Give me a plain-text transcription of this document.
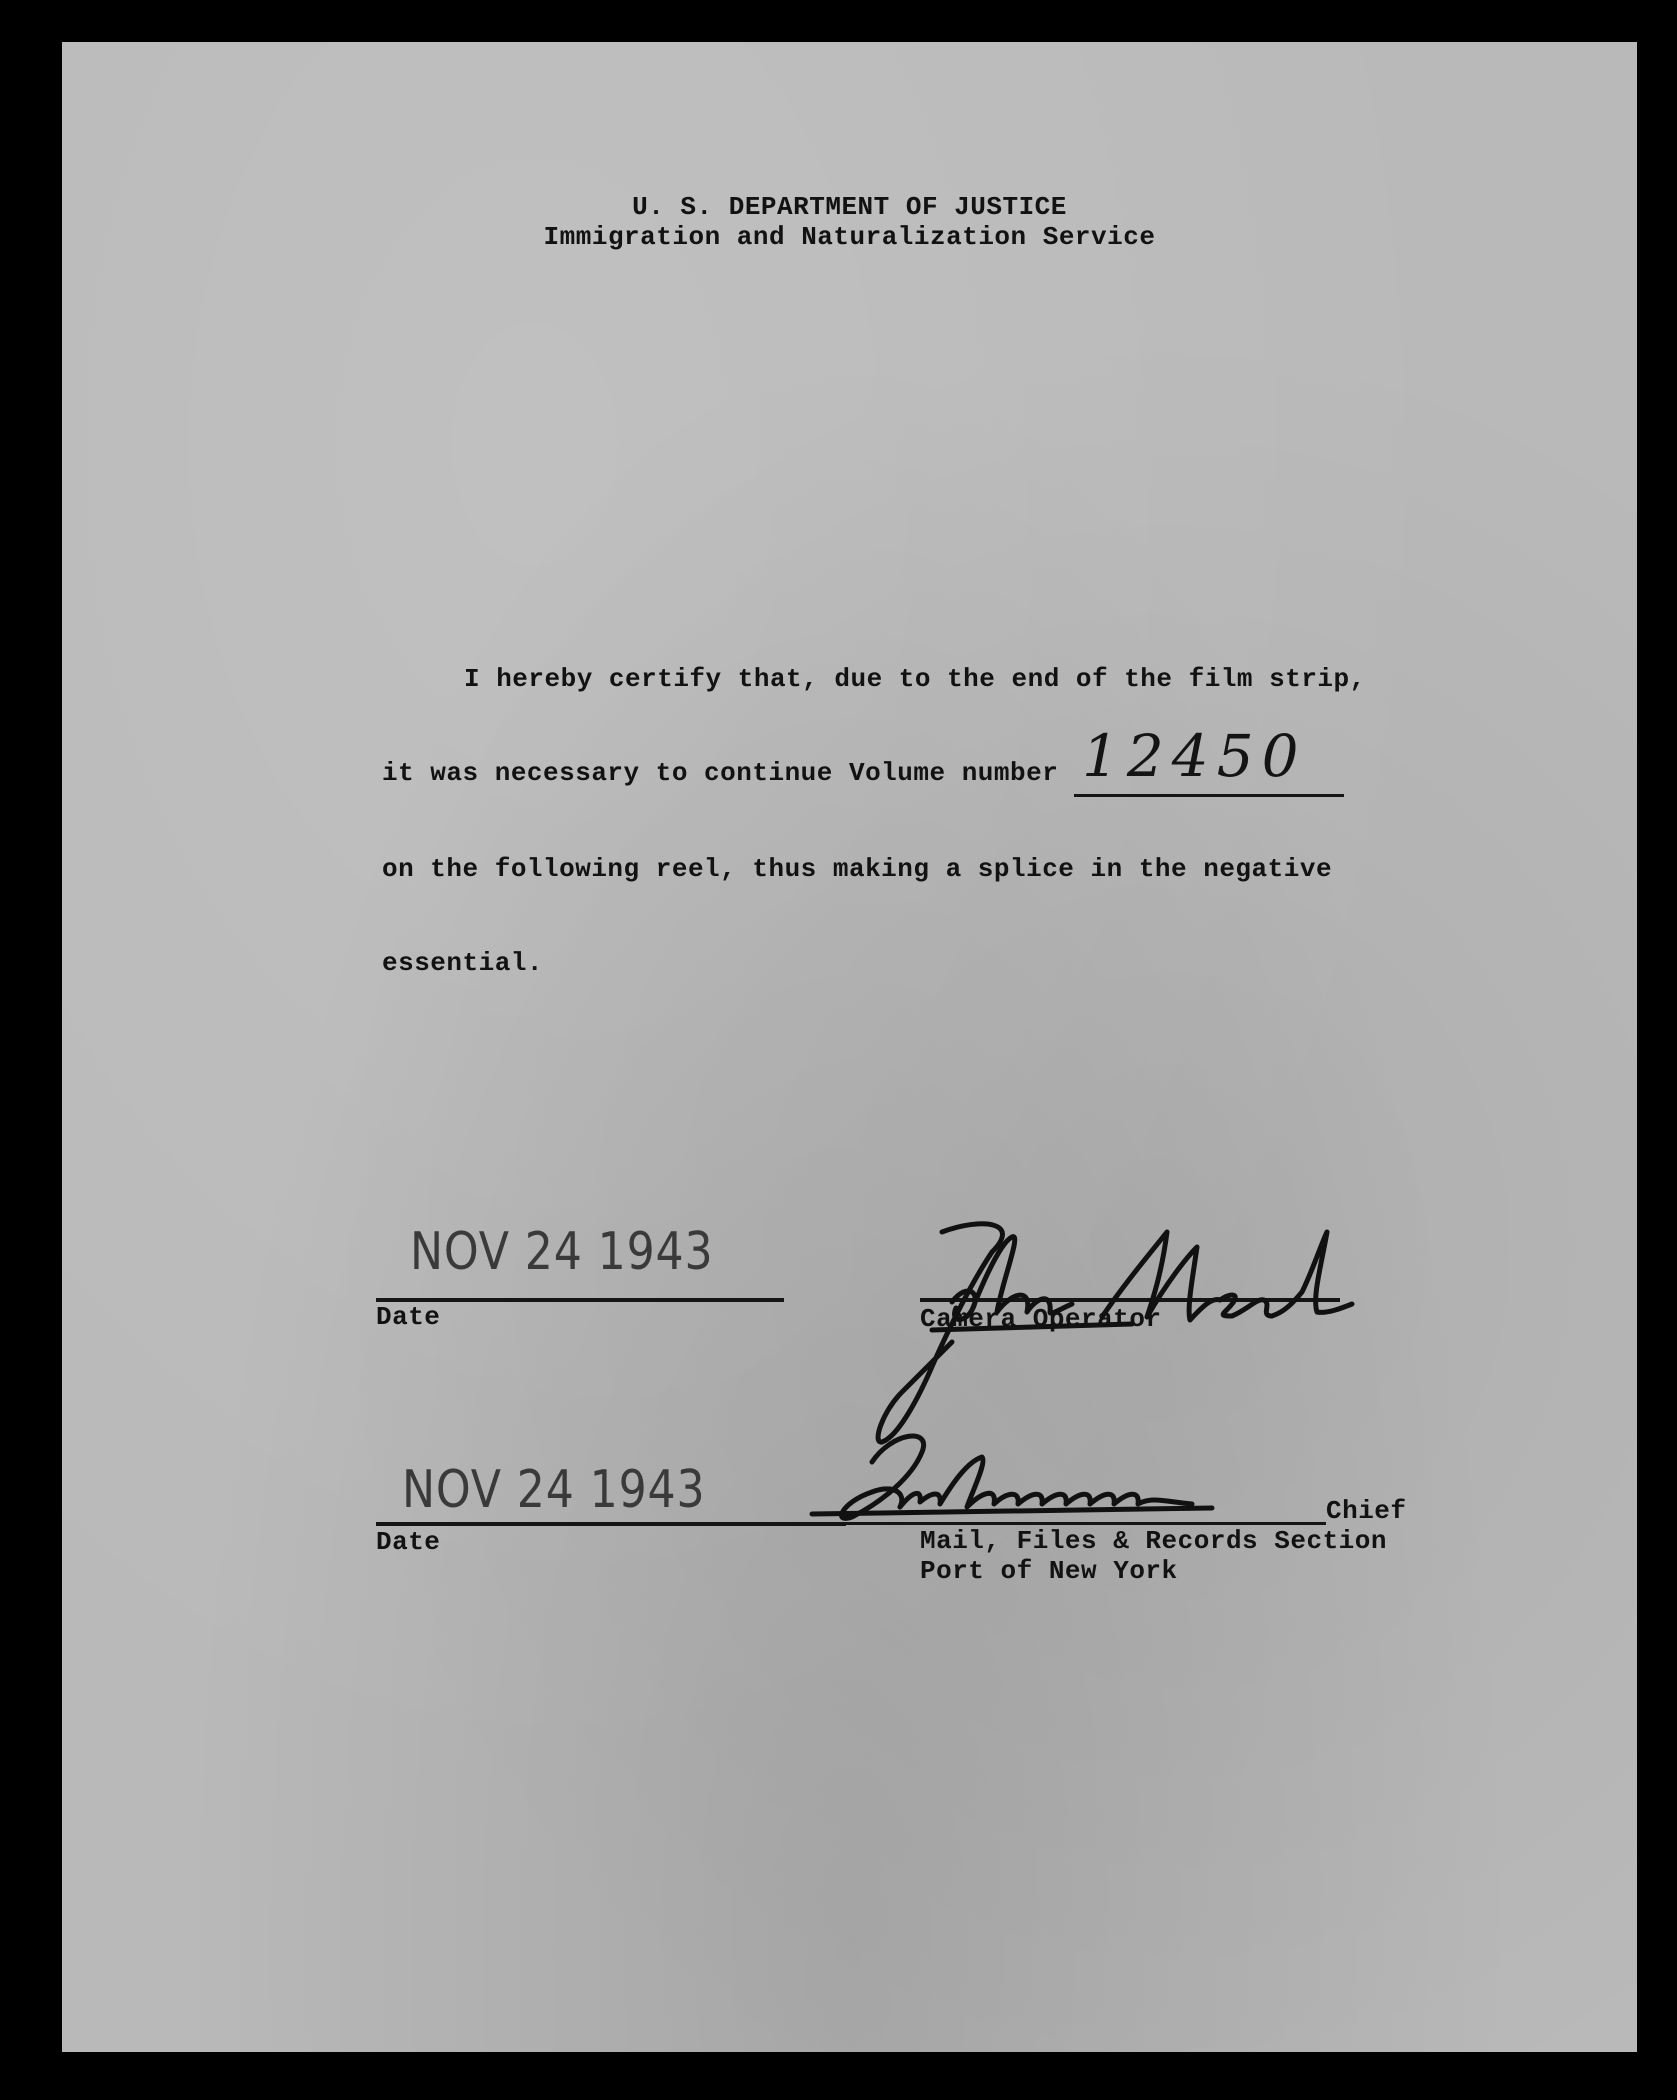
U. S. DEPARTMENT OF JUSTICE
Immigration and Naturalization Service
I hereby certify that, due to the end of the film strip,
it was necessary to continue Volume number 12450
on the following reel, thus making a splice in the negative
essential.
NOV 24 1943
Date	Camera Operator
NOV 24 1943
Date
Chief
Mail, Files & Records Section
Port of New York
